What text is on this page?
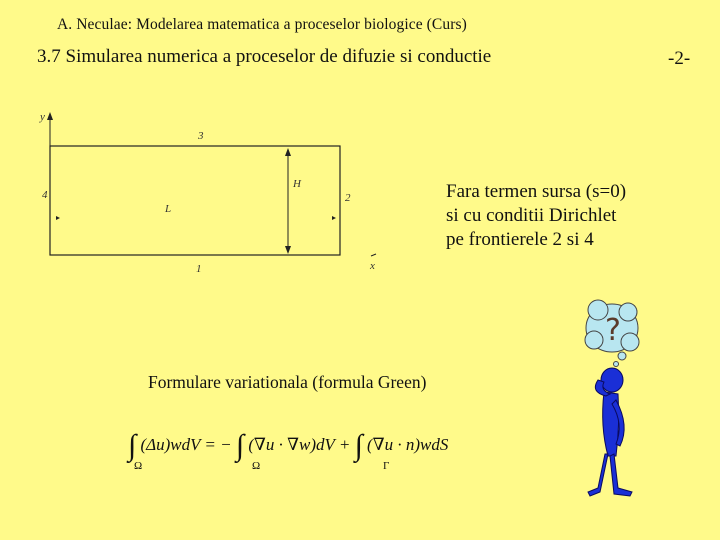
A. Neculae: Modelarea matematica a proceselor biologice (Curs)
3.7 Simularea numerica a proceselor de difuzie si conductie	-2-
y
H
3
1
4	2
L
x
Fara termen sursa (s=0)
si cu conditii Dirichlet
pe frontierele 2 si 4
Formulare variationala (formula Green)
∫ (Δu)wdV = − ∫ (∇u · ∇w)dV + ∫ (∇u · n)wdS
Ω	Ω	Γ
?
